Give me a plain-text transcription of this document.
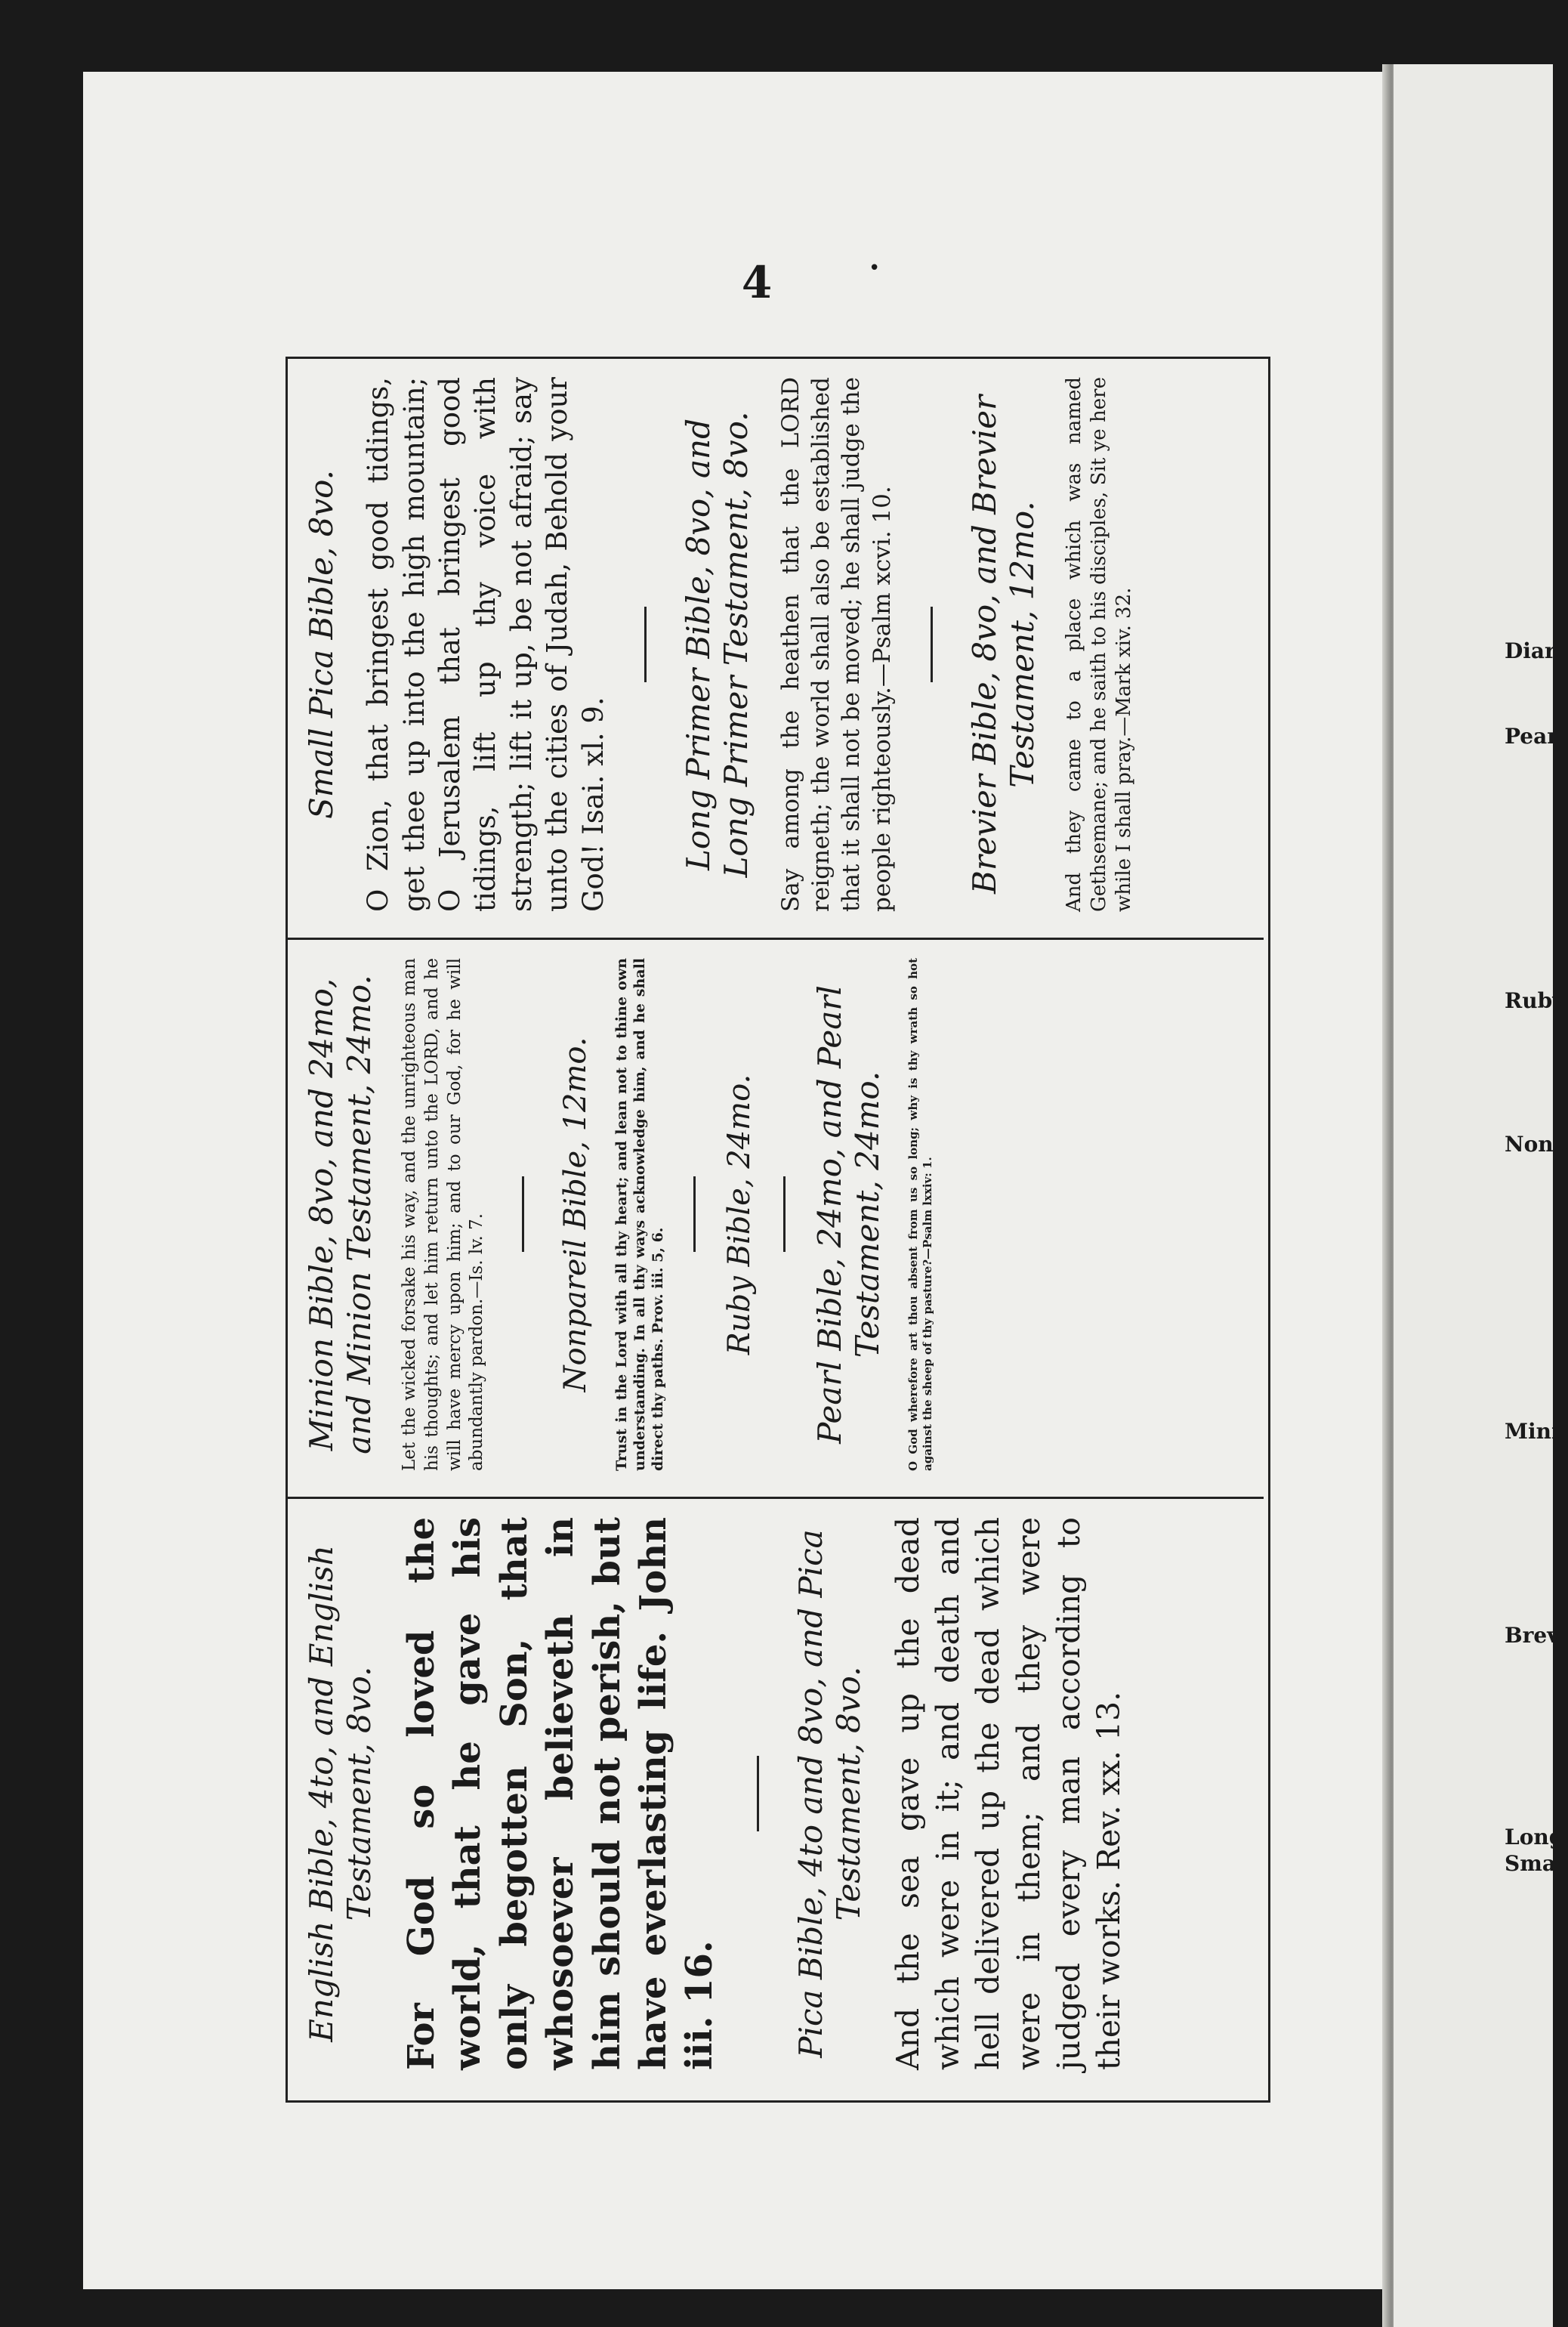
4	•

English Bible, 4to, and English Testament, 8vo. For God so loved the world, that he gave his only begotten Son, that whosoever believeth in him should not perish, but have everlasting life. John iii. 16. Pica Bible, 4to and 8vo, and Pica Testament, 8vo. And the sea gave up the dead which were in it; and death and hell delivered up the dead which were in them; and they were judged every man according to their works. Rev. xx. 13.

Minion Bible, 8vo, and 24mo, and Minion Testament, 24mo. Let the wicked forsake his way, and the unrighteous man his thoughts; and let him return unto the LORD, and he will have mercy upon him; and to our God, for he will abundantly pardon.—Is. lv. 7. Nonpareil Bible, 12mo. Trust in the Lord with all thy heart; and lean not to thine own understanding. In all thy ways acknowledge him, and he shall direct thy paths. Prov. iii. 5, 6. Ruby Bible, 24mo. Pearl Bible, 24mo, and Pearl Testament, 24mo. O God wherefore art thou absent from us so long; why is thy wrath so hot against the sheep of thy pasture?—Psalm lxxiv: 1.

Small Pica Bible, 8vo. O Zion, that bringest good tidings, get thee up into the high mountain; O Jerusalem that bringest good tidings, lift up thy voice with strength; lift it up, be not afraid; say unto the cities of Judah, Behold your God! Isai. xl. 9. Long Primer Bible, 8vo, and Long Primer Testament, 8vo. Say among the heathen that the LORD reigneth; the world shall also be established that it shall not be moved; he shall judge the people righteously.—Psalm xcvi. 10. Brevier Bible, 8vo, and Brevier Testament, 12mo. And they came to a place which was named Gethsemane; and he saith to his disciples, Sit ye here while I shall pray.—Mark xiv. 32.	Diar
Pear
Ruby
Nonp
Mini
Brev
Long
Sma
